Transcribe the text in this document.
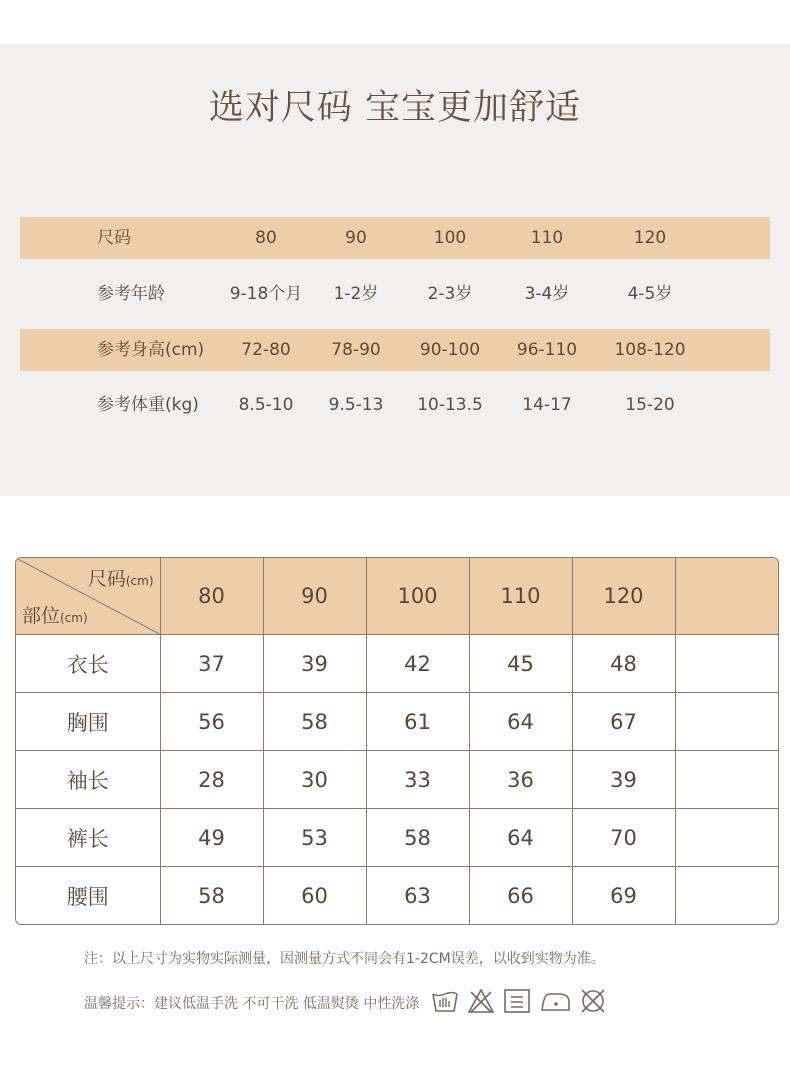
选对尺码 宝宝更加舒适
尺码	80	90	100	110	120
参考年龄	9-18个月	1-2岁	2-3岁	3-4岁	4-5岁
参考身高(cm)	72-80	78-90	90-100	96-110	108-120
参考体重(kg)	8.5-10	9.5-13	10-13.5	14-17	15-20
尺码(cm)
部位(cm)	80	90	100	110	120	
衣长	37	39	42	45	48	
胸围	56	58	61	64	67	
袖长	28	30	33	36	39	
裤长	49	53	58	64	70	
腰围	58	60	63	66	69	
注：以上尺寸为实物实际测量，因测量方式不同会有1-2CM误差，以收到实物为准。
温馨提示：建议低温手洗 不可干洗 低温熨烫 中性洗涤
